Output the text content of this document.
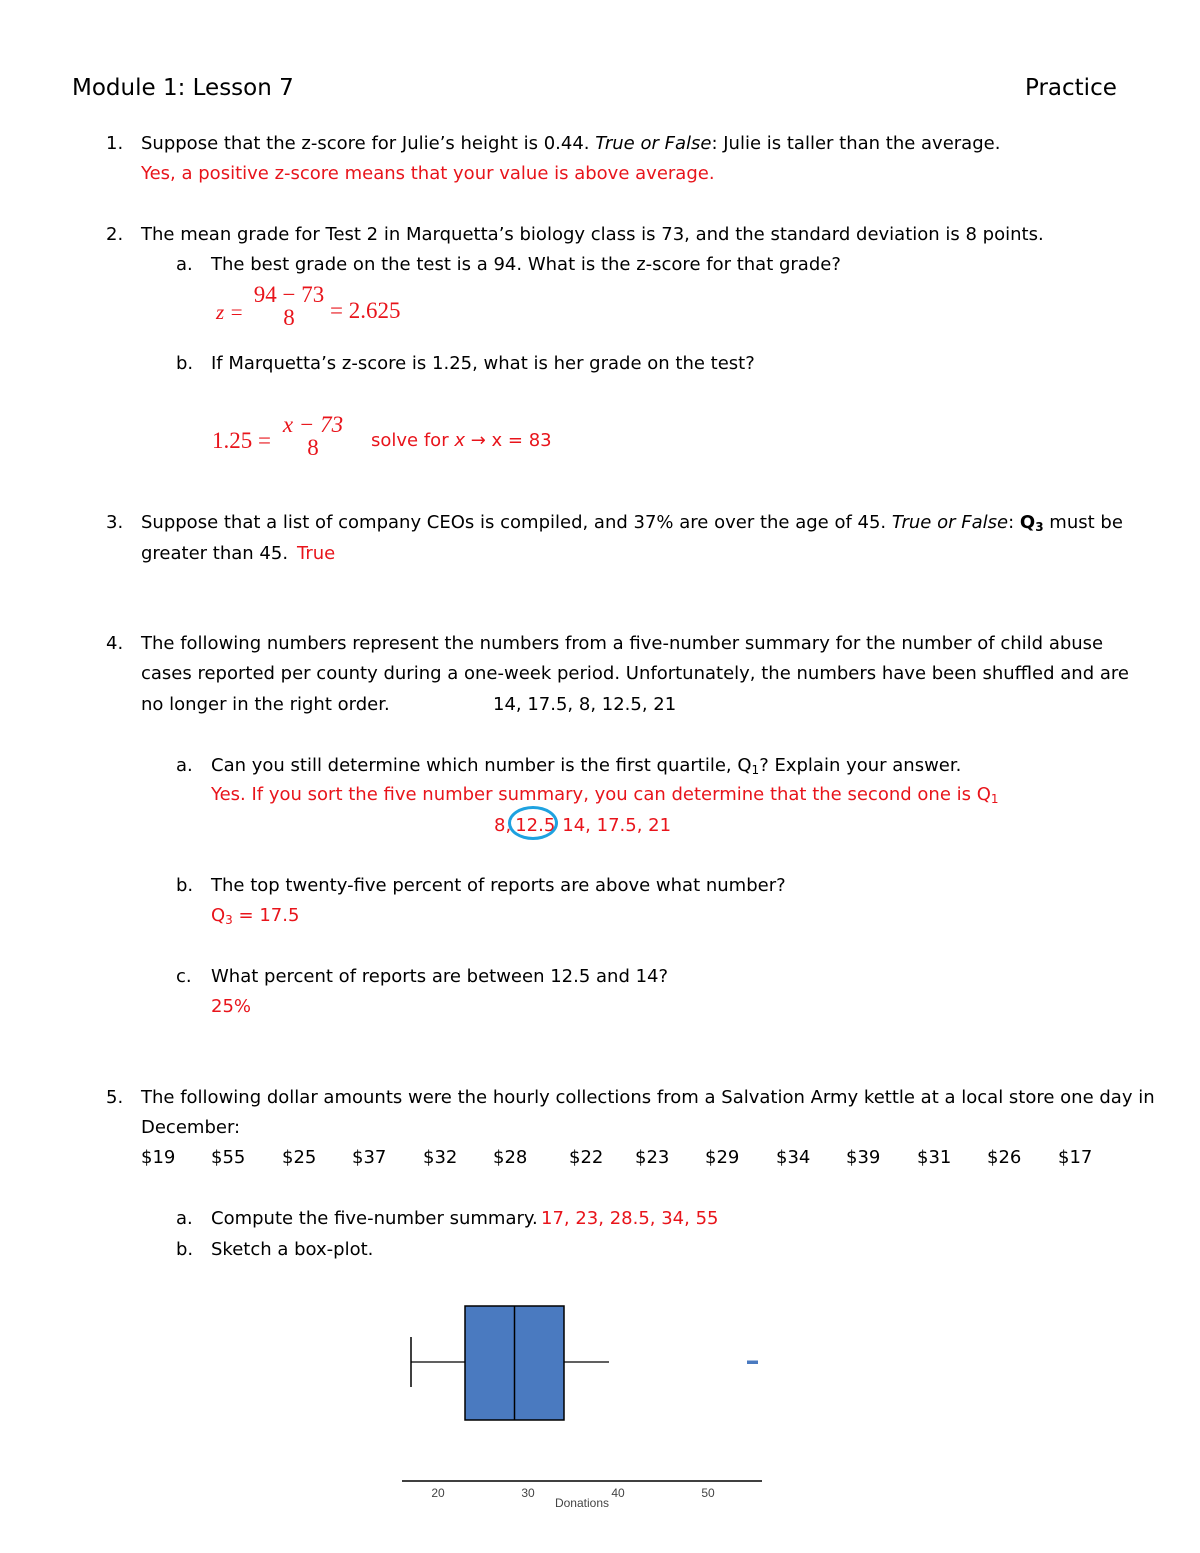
Module 1: Lesson 7	Practice
1. Suppose that the z-score for Julie’s height is 0.44. True or False: Julie is taller than the average.
Yes, a positive z-score means that your value is above average.
2. The mean grade for Test 2 in Marquetta’s biology class is 73, and the standard deviation is 8 points.
a. The best grade on the test is a 94. What is the z-score for that grade?
z =
94 − 73
8	= 2.625
b. If Marquetta’s z-score is 1.25, what is her grade on the test?
1.25 =
x − 73
8	solve for x → x = 83
3. Suppose that a list of company CEOs is compiled, and 37% are over the age of 45. True or False: $Q_3$ must be
greater than 45. True
4. The following numbers represent the numbers from a five-number summary for the number of child abuse
cases reported per county during a one-week period. Unfortunately, the numbers have been shuffled and are
no longer in the right order.	14, 17.5, 8, 12.5, 21
a. Can you still determine which number is the first quartile, $Q_1$? Explain your answer.
Yes. If you sort the five number summary, you can determine that the second one is $Q_1$
8, 12.5 14, 17.5, 21
b. The top twenty-five percent of reports are above what number?
$Q_3 = 17.5$
c. What percent of reports are between 12.5 and 14?
25%
5. The following dollar amounts were the hourly collections from a Salvation Army kettle at a local store one day in
December:
$19 $55 $25 $37 $32 $28 $22 $23 $29 $34 $39 $31 $26 $17
a. Compute the five-number summary. 17, 23, 28.5, 34, 55
b. Sketch a box-plot.
20	30	40	50
Donations
